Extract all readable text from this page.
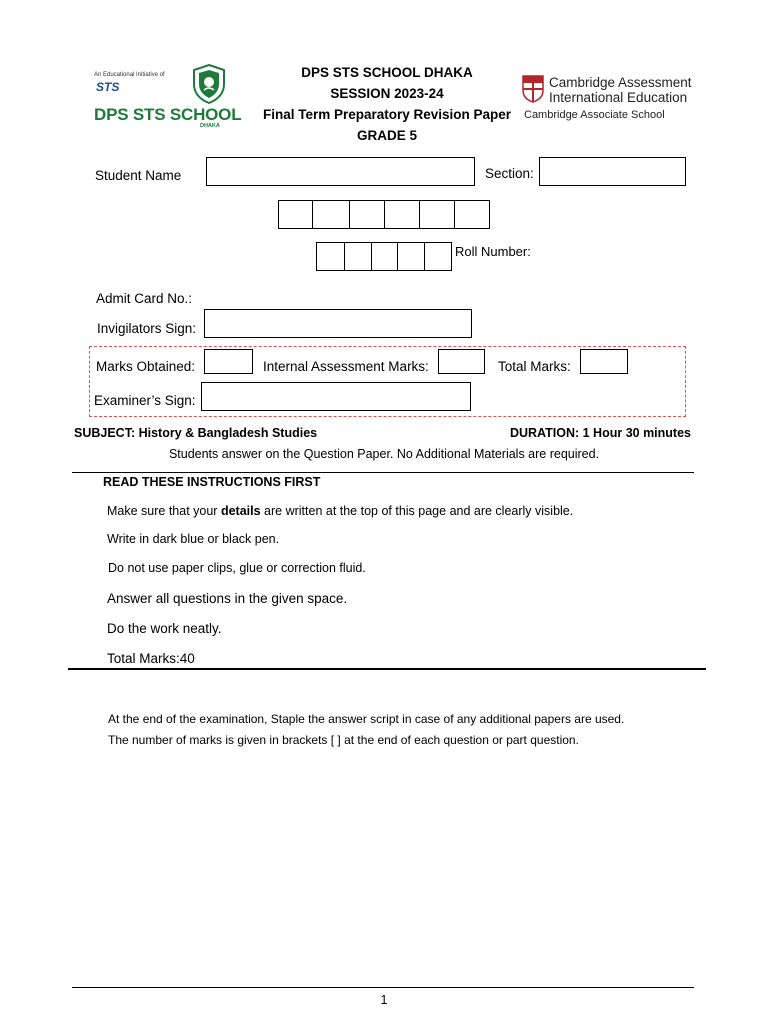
An Educational Initiative of
STS
DPS STS SCHOOL
DHAKA
DPS STS SCHOOL DHAKA
SESSION 2023-24
Final Term Preparatory Revision Paper
GRADE 5
Cambridge Assessment
International Education
Cambridge Associate School
Student Name	Section:
Roll Number:
Admit Card No.:
Invigilators Sign:
Marks Obtained:	Internal Assessment Marks:	Total Marks:
Examiner’s Sign:
SUBJECT: History & Bangladesh Studies	DURATION: 1 Hour 30 minutes
Students answer on the Question Paper. No Additional Materials are required.
READ THESE INSTRUCTIONS FIRST
Make sure that your details are written at the top of this page and are clearly visible.
Write in dark blue or black pen.
Do not use paper clips, glue or correction fluid.
Answer all questions in the given space.
Do the work neatly.
Total Marks:40
At the end of the examination, Staple the answer script in case of any additional papers are used.
The number of marks is given in brackets [ ] at the end of each question or part question.
1
